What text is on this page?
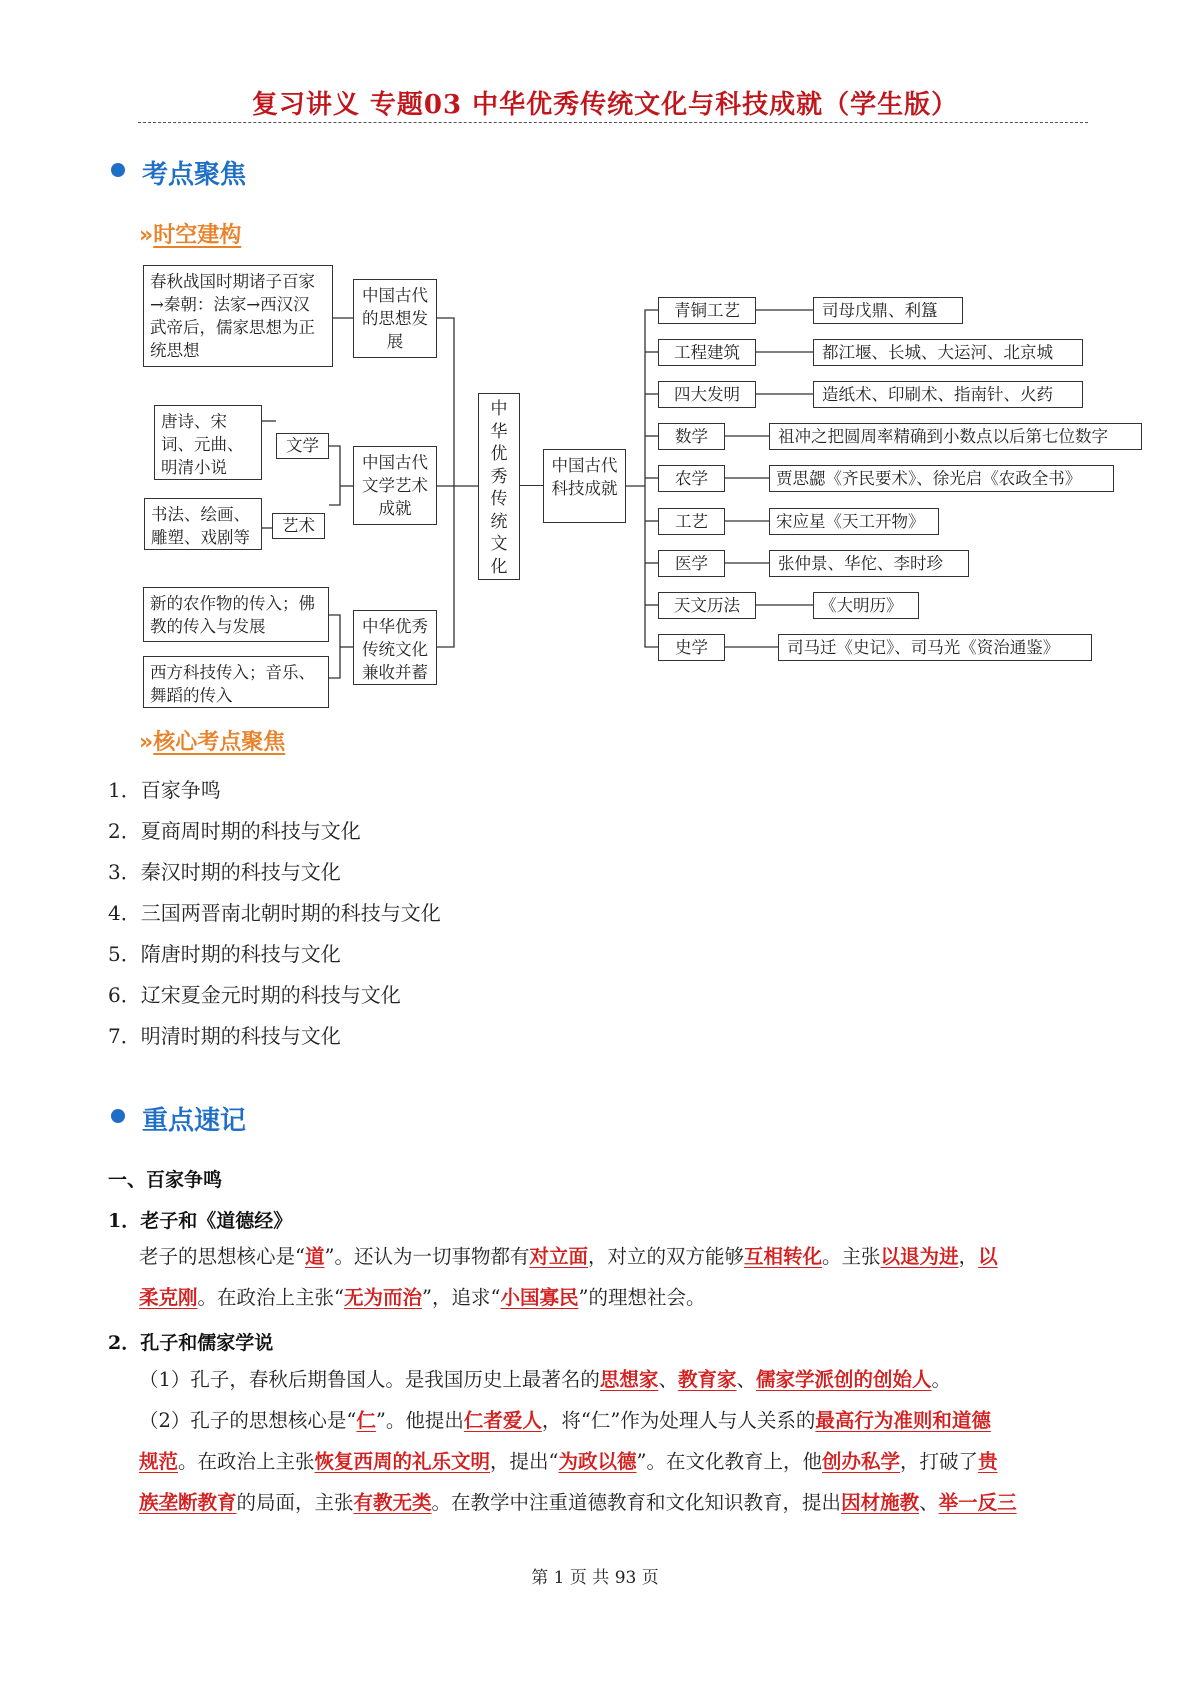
复习讲义 专题03 中华优秀传统文化与科技成就（学生版）
考点聚焦
»时空建构
春秋战国时期诸子百家→秦朝：法家→西汉汉武帝后，儒家思想为正统思想
中国古代的思想发展
唐诗、宋词、元曲、明清小说
文学
书法、绘画、雕塑、戏剧等
艺术
中国古代文学艺术成就
新的农作物的传入；佛教的传入与发展
西方科技传入；音乐、舞蹈的传入
中华优秀传统文化兼收并蓄
中华优秀传统文化
中国古代科技成就
青铜工艺
工程建筑
四大发明
数学
农学
工艺
医学
天文历法
史学
司母戊鼎、利簋
都江堰、长城、大运河、北京城
造纸术、印刷术、指南针、火药
祖冲之把圆周率精确到小数点以后第七位数字
贾思勰《齐民要术》、徐光启《农政全书》
宋应星《天工开物》
张仲景、华佗、李时珍
《大明历》
司马迁《史记》、司马光《资治通鉴》
»核心考点聚焦
1．百家争鸣
2．夏商周时期的科技与文化
3．秦汉时期的科技与文化
4．三国两晋南北朝时期的科技与文化
5．隋唐时期的科技与文化
6．辽宋夏金元时期的科技与文化
7．明清时期的科技与文化
重点速记
一、百家争鸣
1．老子和《道德经》
老子的思想核心是“道”。还认为一切事物都有对立面，对立的双方能够互相转化。主张以退为进，以
柔克刚。在政治上主张“无为而治”，追求“小国寡民”的理想社会。
2．孔子和儒家学说
（1）孔子，春秋后期鲁国人。是我国历史上最著名的思想家、教育家、儒家学派创的创始人。
（2）孔子的思想核心是“仁”。他提出仁者爱人，将“仁”作为处理人与人关系的最高行为准则和道德
规范。在政治上主张恢复西周的礼乐文明，提出“为政以德”。在文化教育上，他创办私学，打破了贵
族垄断教育的局面，主张有教无类。在教学中注重道德教育和文化知识教育，提出因材施教、举一反三
第 1 页 共 93 页
